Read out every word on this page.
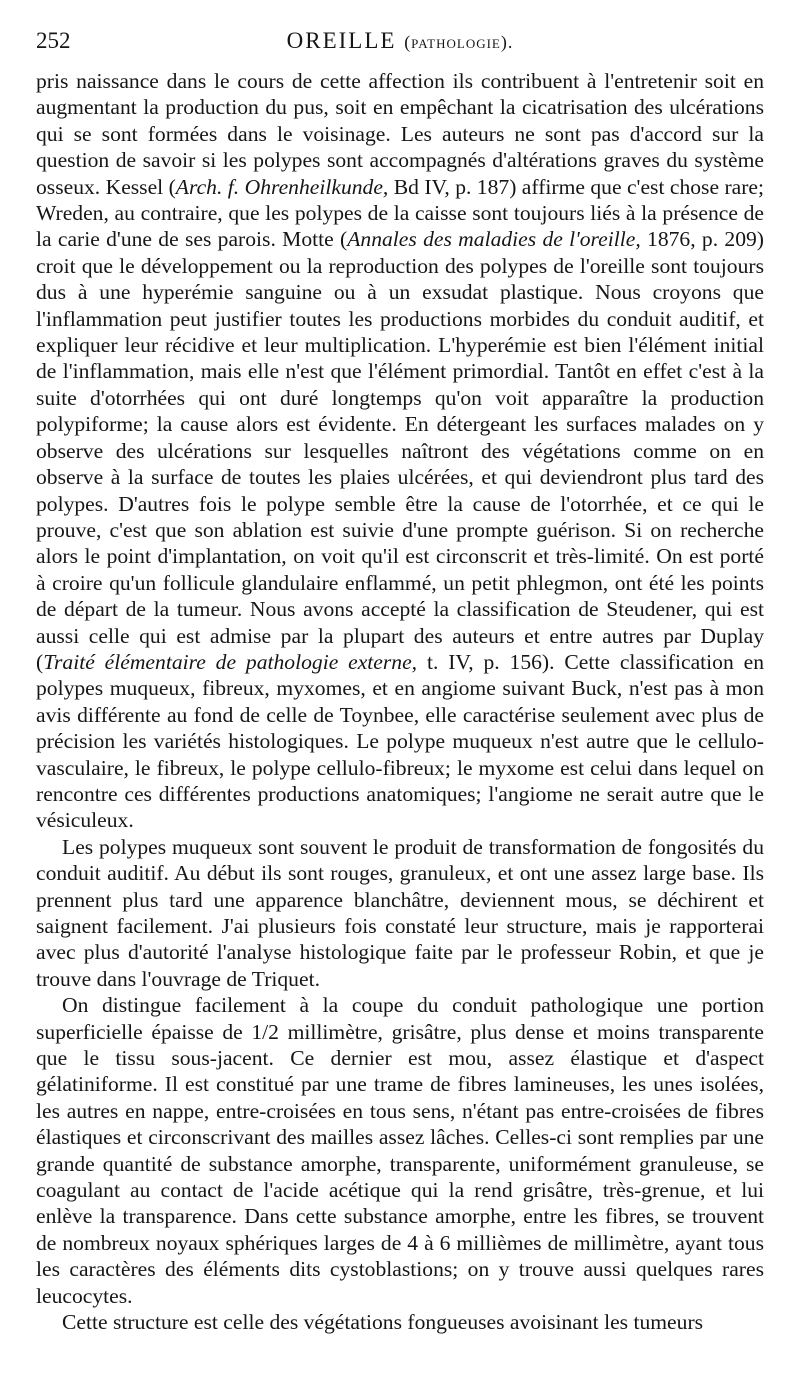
252	OREILLE (pathologie).

pris naissance dans le cours de cette affection ils contribuent à l'entretenir soit en augmentant la production du pus, soit en empêchant la cicatrisation des ulcérations qui se sont formées dans le voisinage. Les auteurs ne sont pas d'accord sur la question de savoir si les polypes sont accompagnés d'altérations graves du système osseux. Kessel (Arch. f. Ohrenheilkunde, Bd IV, p. 187) affirme que c'est chose rare; Wreden, au contraire, que les polypes de la caisse sont toujours liés à la présence de la carie d'une de ses parois. Motte (Annales des maladies de l'oreille, 1876, p. 209) croit que le développement ou la reproduction des polypes de l'oreille sont toujours dus à une hyperémie sanguine ou à un exsudat plastique. Nous croyons que l'inflammation peut justifier toutes les productions morbides du conduit auditif, et expliquer leur récidive et leur multiplication. L'hyperémie est bien l'élément initial de l'inflammation, mais elle n'est que l'élément primordial. Tantôt en effet c'est à la suite d'otorrhées qui ont duré longtemps qu'on voit apparaître la production polypiforme; la cause alors est évidente. En détergeant les surfaces malades on y observe des ulcérations sur lesquelles naîtront des végétations comme on en observe à la surface de toutes les plaies ulcérées, et qui deviendront plus tard des polypes. D'autres fois le polype semble être la cause de l'otorrhée, et ce qui le prouve, c'est que son ablation est suivie d'une prompte guérison. Si on recherche alors le point d'implantation, on voit qu'il est circonscrit et très-limité. On est porté à croire qu'un follicule glandulaire enflammé, un petit phlegmon, ont été les points de départ de la tumeur. Nous avons accepté la classification de Steudener, qui est aussi celle qui est admise par la plupart des auteurs et entre autres par Duplay (Traité élémentaire de pathologie externe, t. IV, p. 156). Cette classification en polypes muqueux, fibreux, myxomes, et en angiome suivant Buck, n'est pas à mon avis différente au fond de celle de Toynbee, elle caractérise seulement avec plus de précision les variétés histologiques. Le polype muqueux n'est autre que le cellulo-vasculaire, le fibreux, le polype cellulo-fibreux; le myxome est celui dans lequel on rencontre ces différentes productions anatomiques; l'angiome ne serait autre que le vésiculeux.

Les polypes muqueux sont souvent le produit de transformation de fongosités du conduit auditif. Au début ils sont rouges, granuleux, et ont une assez large base. Ils prennent plus tard une apparence blanchâtre, deviennent mous, se déchirent et saignent facilement. J'ai plusieurs fois constaté leur structure, mais je rapporterai avec plus d'autorité l'analyse histologique faite par le professeur Robin, et que je trouve dans l'ouvrage de Triquet.

On distingue facilement à la coupe du conduit pathologique une portion superficielle épaisse de 1/2 millimètre, grisâtre, plus dense et moins transparente que le tissu sous-jacent. Ce dernier est mou, assez élastique et d'aspect gélatiniforme. Il est constitué par une trame de fibres lamineuses, les unes isolées, les autres en nappe, entre-croisées en tous sens, n'étant pas entre-croisées de fibres élastiques et circonscrivant des mailles assez lâches. Celles-ci sont remplies par une grande quantité de substance amorphe, transparente, uniformément granuleuse, se coagulant au contact de l'acide acétique qui la rend grisâtre, très-grenue, et lui enlève la transparence. Dans cette substance amorphe, entre les fibres, se trouvent de nombreux noyaux sphériques larges de 4 à 6 millièmes de millimètre, ayant tous les caractères des éléments dits cystoblastions; on y trouve aussi quelques rares leucocytes.

Cette structure est celle des végétations fongueuses avoisinant les tumeurs
